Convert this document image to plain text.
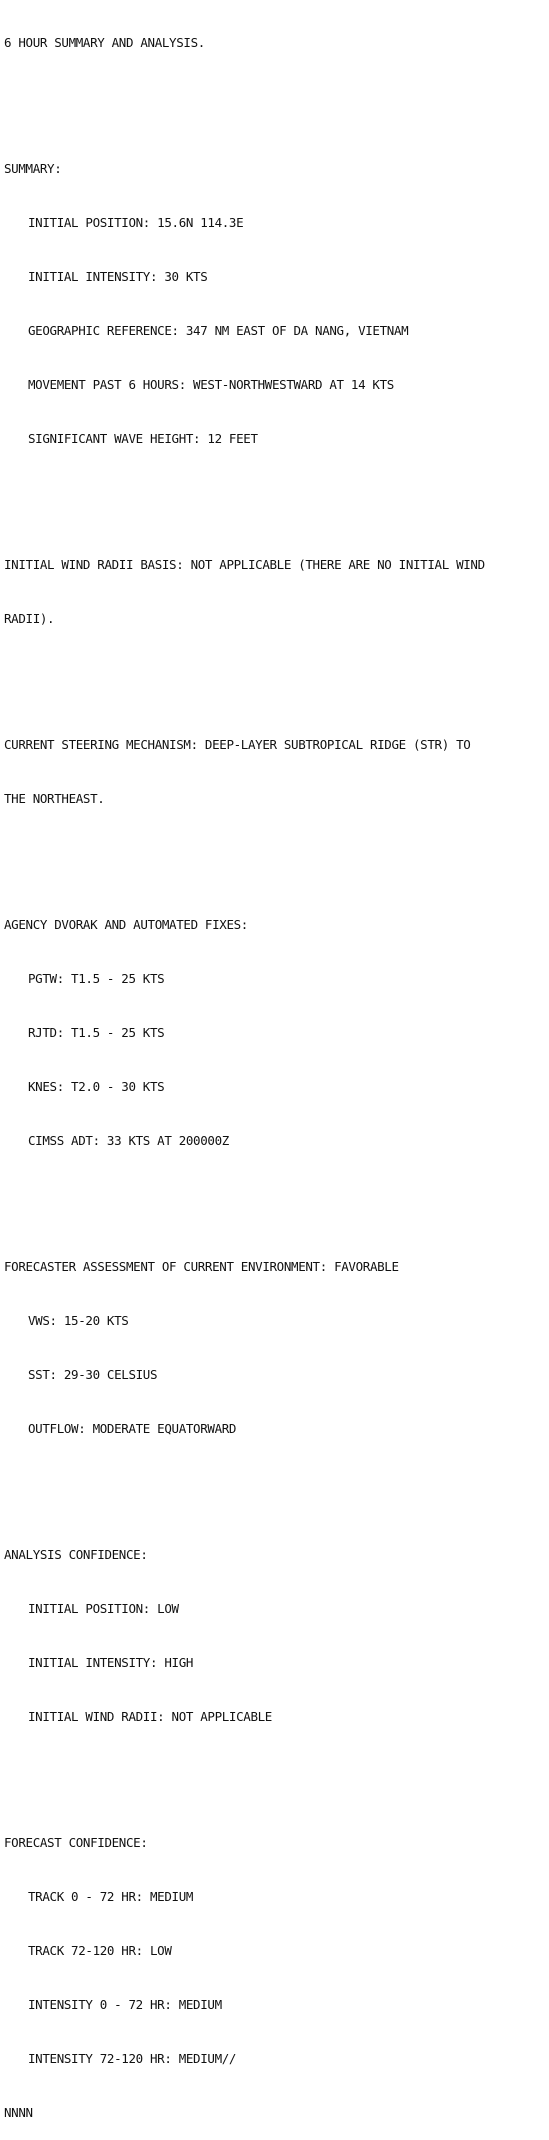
6 HOUR SUMMARY AND ANALYSIS.

SUMMARY:

INITIAL POSITION: 15.6N 114.3E

INITIAL INTENSITY: 30 KTS

GEOGRAPHIC REFERENCE: 347 NM EAST OF DA NANG, VIETNAM

MOVEMENT PAST 6 HOURS: WEST-NORTHWESTWARD AT 14 KTS

SIGNIFICANT WAVE HEIGHT: 12 FEET

INITIAL WIND RADII BASIS: NOT APPLICABLE (THERE ARE NO INITIAL WIND

RADII).

CURRENT STEERING MECHANISM: DEEP-LAYER SUBTROPICAL RIDGE (STR) TO

THE NORTHEAST.

AGENCY DVORAK AND AUTOMATED FIXES:

PGTW: T1.5 - 25 KTS

RJTD: T1.5 - 25 KTS

KNES: T2.0 - 30 KTS

CIMSS ADT: 33 KTS AT 200000Z

FORECASTER ASSESSMENT OF CURRENT ENVIRONMENT: FAVORABLE

VWS: 15-20 KTS

SST: 29-30 CELSIUS

OUTFLOW: MODERATE EQUATORWARD

ANALYSIS CONFIDENCE:

INITIAL POSITION: LOW

INITIAL INTENSITY: HIGH

INITIAL WIND RADII: NOT APPLICABLE

FORECAST CONFIDENCE:

TRACK 0 - 72 HR: MEDIUM

TRACK 72-120 HR: LOW

INTENSITY 0 - 72 HR: MEDIUM

INTENSITY 72-120 HR: MEDIUM//

NNNN
